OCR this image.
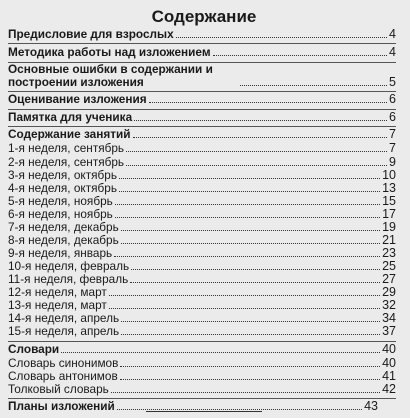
Содержание
Предисловие для взрослых	4
Методика работы над изложением	4
Основные ошибки в содержании и построении изложения	5
Оценивание изложения	6
Памятка для ученика	6
Содержание занятий	7
1-я неделя, сентябрь	7
2-я неделя, сентябрь	9
3-я неделя, октябрь	10
4-я неделя, октябрь	13
5-я неделя, ноябрь	15
6-я неделя, ноябрь	17
7-я неделя, декабрь	19
8-я неделя, декабрь	21
9-я неделя, январь	23
10-я неделя, февраль	25
11-я неделя, февраль	27
12-я неделя, март	29
13-я неделя, март	32
14-я неделя, апрель	34
15-я неделя, апрель	37
Словари	40
Словарь синонимов	40
Словарь антонимов	41
Толковый словарь	42
Планы изложений	43
